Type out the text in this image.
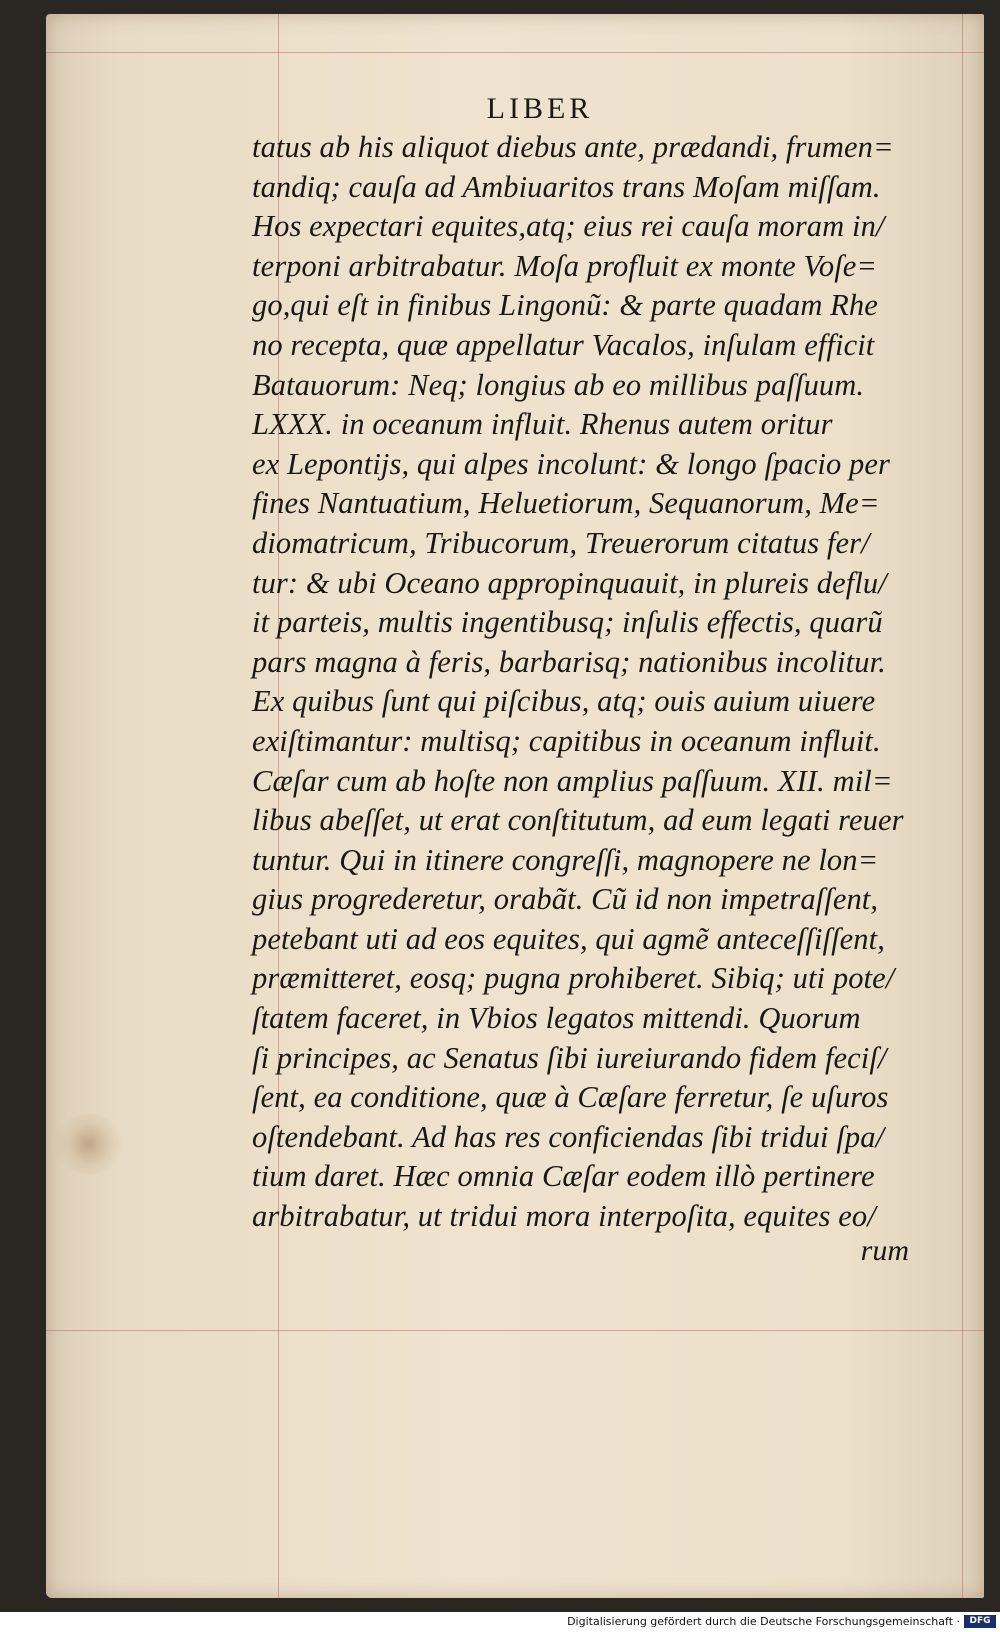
LIBER
tatus ab his aliquot diebus ante, prædandi, frumen=
tandiq; cauſa ad Ambiuaritos trans Moſam miſſam.
Hos expectari equites,atq; eius rei cauſa moram in/
terponi arbitrabatur. Moſa profluit ex monte Voſe=
go,qui eſt in finibus Lingonũ: & parte quadam Rhe
no recepta, quæ appellatur Vacalos, inſulam efficit
Batauorum: Neq; longius ab eo millibus paſſuum.
LXXX. in oceanum influit. Rhenus autem oritur
ex Lepontijs, qui alpes incolunt: & longo ſpacio per
fines Nantuatium, Heluetiorum, Sequanorum, Me=
diomatricum, Tribucorum, Treuerorum citatus fer/
tur: & ubi Oceano appropinquauit, in plureis deflu/
it parteis, multis ingentibusq; inſulis effectis, quarũ
pars magna à feris, barbarisq; nationibus incolitur.
Ex quibus ſunt qui piſcibus, atq; ouis auium uiuere
exiſtimantur: multisq; capitibus in oceanum influit.
Cæſar cum ab hoſte non amplius paſſuum. XII. mil=
libus abeſſet, ut erat conſtitutum, ad eum legati reuer
tuntur. Qui in itinere congreſſi, magnopere ne lon=
gius progrederetur, orabãt. Cũ id non impetraſſent,
petebant uti ad eos equites, qui agmẽ anteceſſiſſent,
præmitteret, eosq; pugna prohiberet. Sibiq; uti pote/
ſtatem faceret, in Vbios legatos mittendi. Quorum
ſi principes, ac Senatus ſibi iureiurando fidem feciſ/
ſent, ea conditione, quæ à Cæſare ferretur, ſe uſuros
oſtendebant. Ad has res conficiendas ſibi tridui ſpa/
tium daret. Hæc omnia Cæſar eodem illò pertinere
arbitrabatur, ut tridui mora interpoſita, equites eo/
rum
Digitalisierung gefördert durch die Deutsche Forschungsgemeinschaft ·	DFG
